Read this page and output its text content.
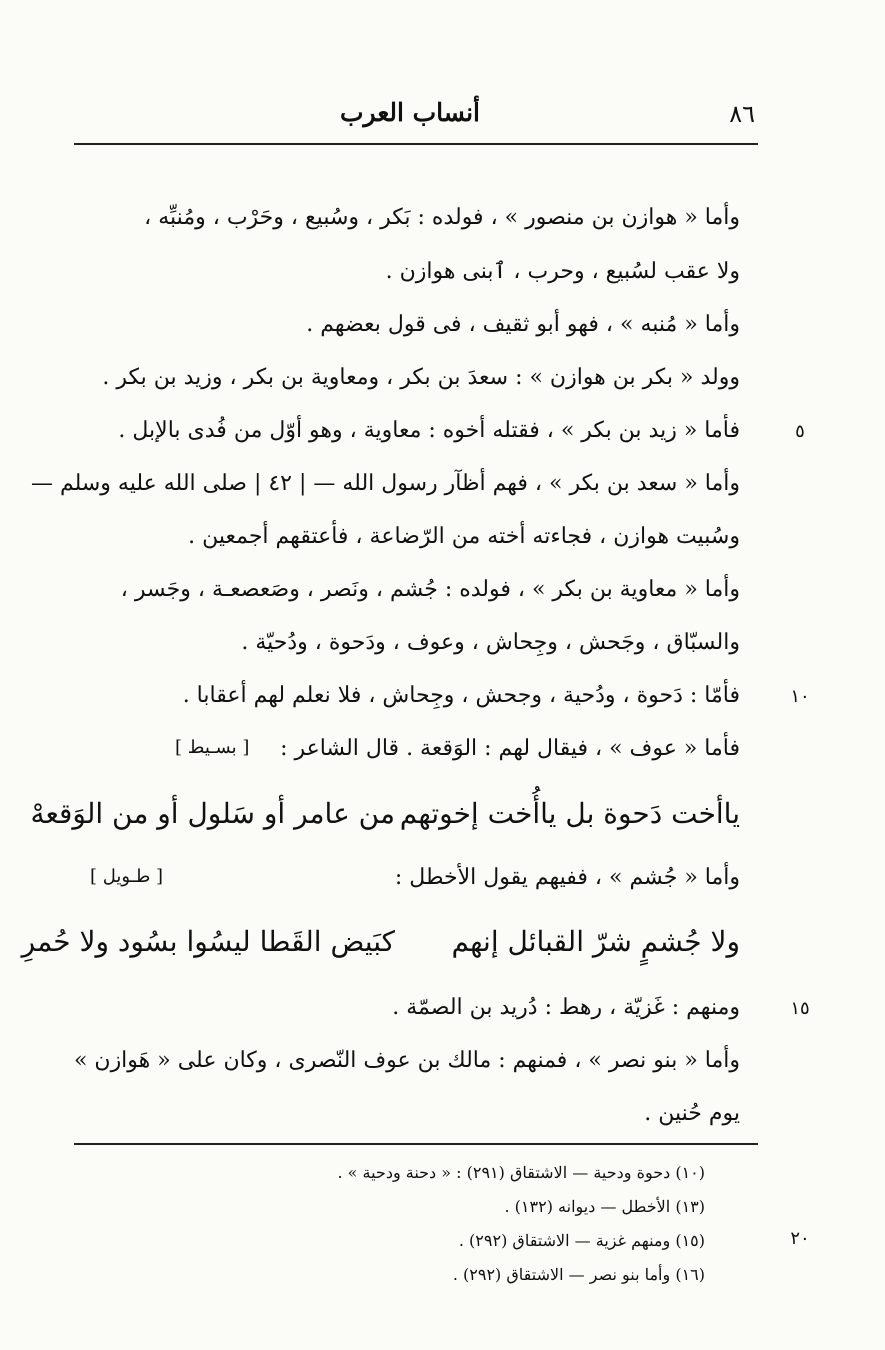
٨٦
أنساب العرب
وأما « هوازن بن منصور » ، فولده : بَكر ، وسُبيع ، وحَرْب ، ومُنبِّه ،
ولا عقب لسُبيع ، وحرب ، ٱبنى هوازن .
وأما « مُنبه » ، فهو أبو ثقيف ، فى قول بعضهم .
وولد « بكر بن هوازن » : سعدَ بن بكر ، ومعاوية بن بكر ، وزيد بن بكر .
فأما « زيد بن بكر » ، فقتله أخوه : معاوية ، وهو أوّل من فُدى بالإبل .
وأما « سعد بن بكر » ، فهم أظآر رسول الله — | ٤٢ | صلى الله عليه وسلم —
وسُبيت هوازن ، فجاءته أخته من الرّضاعة ، فأعتقهم أجمعين .
وأما « معاوية بن بكر » ، فولده : جُشم ، ونَصر ، وصَعصعـة ، وجَسر ،
والسبّاق ، وجَحش ، وجِحاش ، وعوف ، ودَحوة ، ودُحيّة .
فأمّا : دَحوة ، ودُحية ، وجحش ، وجِحاش ، فلا نعلم لهم أعقابا .
فأما « عوف » ، فيقال لهم : الوَقعة . قال الشاعر :
[ بسـيط ]
ياأخت دَحوة بل ياأُخت إخوتهم
من عامر أو سَلول أو من الوَقعهْ
وأما « جُشم » ، ففيهم يقول الأخطل :
[ طـويل ]
ولا جُشمٍ شرّ القبائل إنهم
كبَيض القَطا ليسُوا بسُود ولا حُمرِ
ومنهم : غَزيّة ، رهط : دُريد بن الصمّة .
وأما « بنو نصر » ، فمنهم : مالك بن عوف النّصرى ، وكان على « هَوازن »
يوم حُنين .
٥
١٠
١٥
٢٠
(١٠) دحوة ودحية — الاشتقاق (٢٩١) : « دحنة ودحية » .
(١٣) الأخطل — ديوانه (١٣٢) .
(١٥) ومنهم غزية — الاشتقاق (٢٩٢) .
(١٦) وأما بنو نصر — الاشتقاق (٢٩٢) .
